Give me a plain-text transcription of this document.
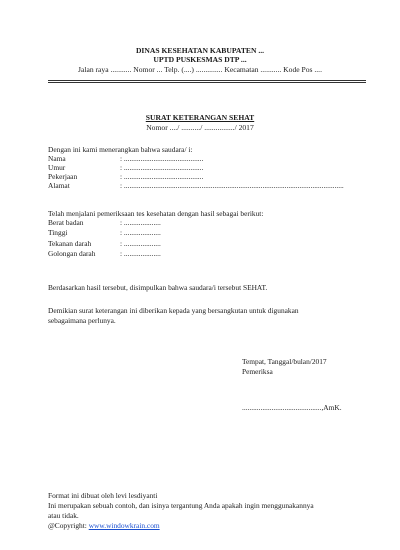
DINAS KESEHATAN KABUPATEN ...
UPTD PUSKESMAS DTP ...
Jalan raya ........... Nomor ... Telp. (....) .............. Kecamatan ........... Kode Pos ....
SURAT KETERANGAN SEHAT
Nomor ..../ ........../ ................/ 2017
Dengan ini kami menerangkan bahwa saudara/ i:
Nama	: ...........................................
Umur	: ...........................................
Pekerjaan	: ...........................................
Alamat	: .......................................................................................................................
Telah menjalani pemeriksaan tes kesehatan dengan hasil sebagai berikut:
Berat badan	: ....................
Tinggi	: ....................
Tekanan darah	: ....................
Golongan darah	: ....................
Berdasarkan hasil tersebut, disimpulkan bahwa saudara/i tersebut SEHAT.
Demikian surat keterangan ini diberikan kepada yang bersangkutan untuk digunakan
sebagaimana perlunya.
Tempat, Tanggal/bulan/2017
Pemeriksa
...........................................,AmK.
Format ini dibuat oleh levi lesdiyanti
Ini merupakan sebuah contoh, dan isinya tergantung Anda apakah ingin menggunakannya
atau tidak.
@Copyright: www.windowkrain.com
